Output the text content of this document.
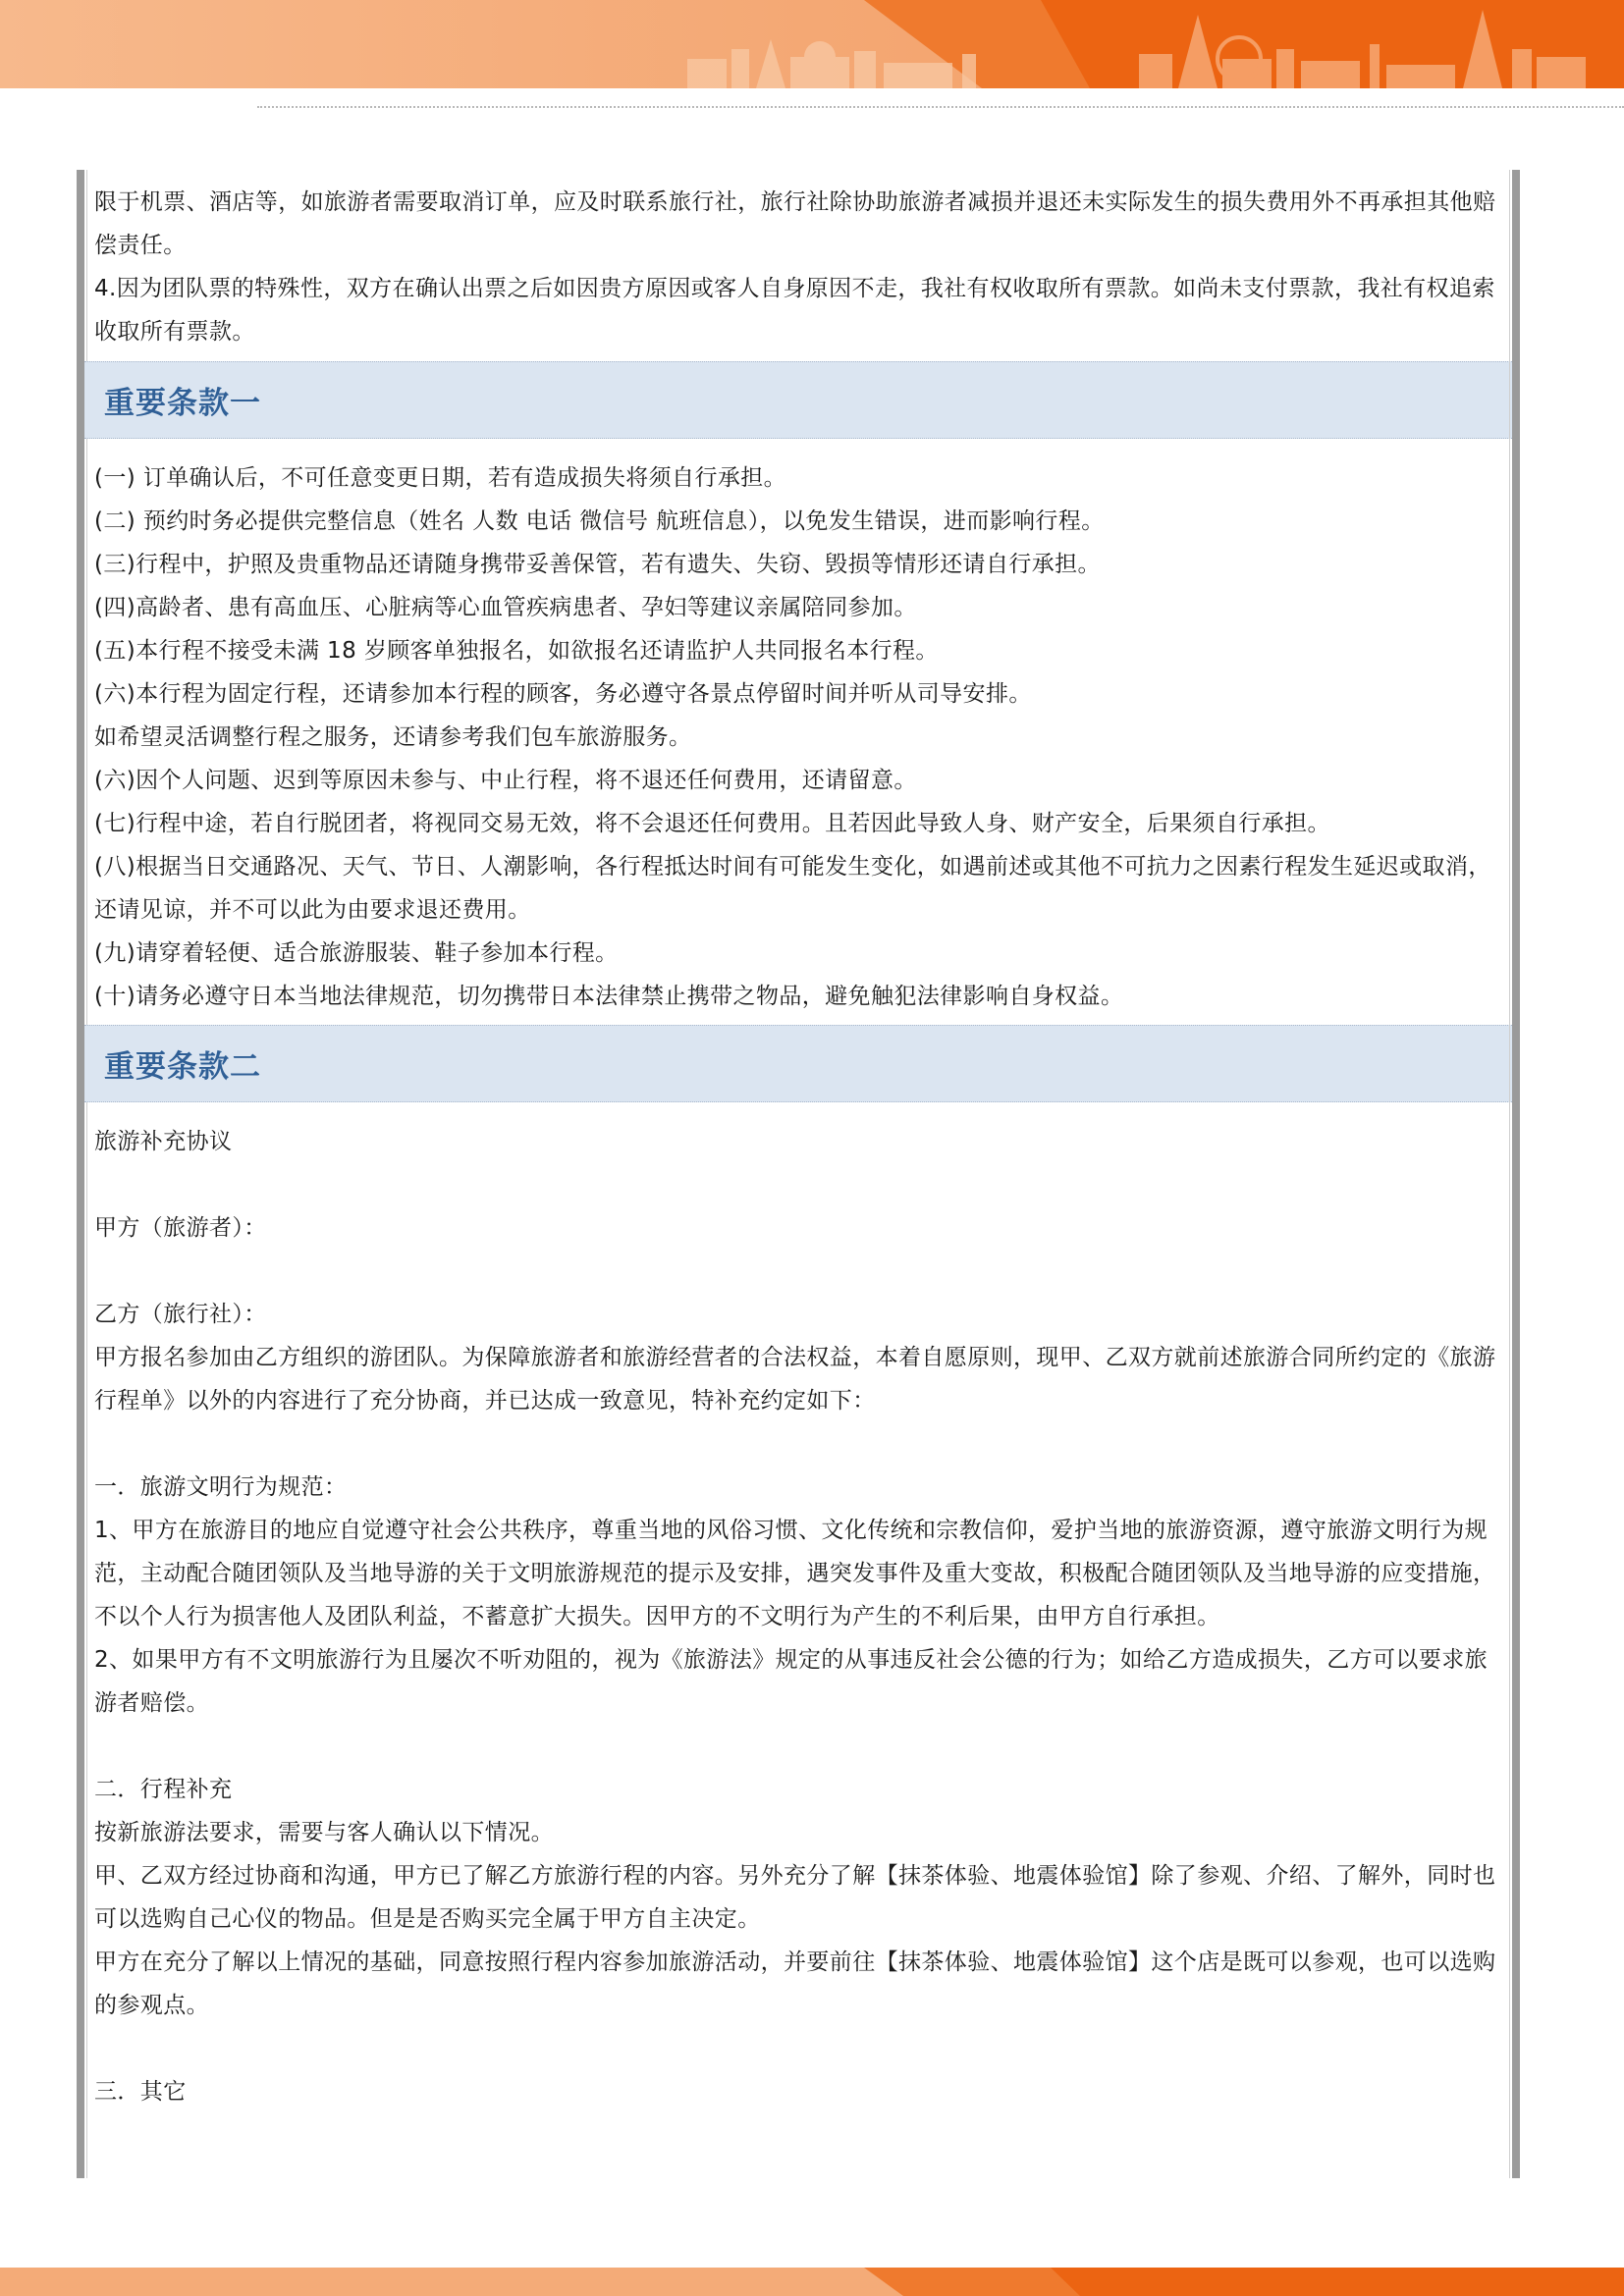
限于机票、酒店等，如旅游者需要取消订单，应及时联系旅行社，旅行社除协助旅游者减损并退还未实际发生的损失费用外不再承担其他赔偿责任。

4.因为团队票的特殊性，双方在确认出票之后如因贵方原因或客人自身原因不走，我社有权收取所有票款。如尚未支付票款，我社有权追索收取所有票款。

重要条款一

(一) 订单确认后，不可任意变更日期，若有造成损失将须自行承担。

(二) 预约时务必提供完整信息（姓名 人数 电话 微信号 航班信息），以免发生错误，进而影响行程。

(三)行程中，护照及贵重物品还请随身携带妥善保管，若有遗失、失窃、毁损等情形还请自行承担。

(四)高龄者、患有高血压、心脏病等心血管疾病患者、孕妇等建议亲属陪同参加。

(五)本行程不接受未满 18 岁顾客单独报名，如欲报名还请监护人共同报名本行程。

(六)本行程为固定行程，还请参加本行程的顾客，务必遵守各景点停留时间并听从司导安排。

如希望灵活调整行程之服务，还请参考我们包车旅游服务。

(六)因个人问题、迟到等原因未参与、中止行程，将不退还任何费用，还请留意。

(七)行程中途，若自行脱团者，将视同交易无效，将不会退还任何费用。且若因此导致人身、财产安全，后果须自行承担。

(八)根据当日交通路况、天气、节日、人潮影响，各行程抵达时间有可能发生变化，如遇前述或其他不可抗力之因素行程发生延迟或取消，还请见谅，并不可以此为由要求退还费用。

(九)请穿着轻便、适合旅游服装、鞋子参加本行程。

(十)请务必遵守日本当地法律规范，切勿携带日本法律禁止携带之物品，避免触犯法律影响自身权益。

重要条款二

旅游补充协议

甲方（旅游者）：

乙方（旅行社）：

甲方报名参加由乙方组织的游团队。为保障旅游者和旅游经营者的合法权益，本着自愿原则，现甲、乙双方就前述旅游合同所约定的《旅游行程单》以外的内容进行了充分协商，并已达成一致意见，特补充约定如下：

一．旅游文明行为规范：

1、甲方在旅游目的地应自觉遵守社会公共秩序，尊重当地的风俗习惯、文化传统和宗教信仰，爱护当地的旅游资源，遵守旅游文明行为规范，主动配合随团领队及当地导游的关于文明旅游规范的提示及安排，遇突发事件及重大变故，积极配合随团领队及当地导游的应变措施，不以个人行为损害他人及团队利益，不蓄意扩大损失。因甲方的不文明行为产生的不利后果，由甲方自行承担。

2、如果甲方有不文明旅游行为且屡次不听劝阻的，视为《旅游法》规定的从事违反社会公德的行为；如给乙方造成损失，乙方可以要求旅游者赔偿。

二．行程补充

按新旅游法要求，需要与客人确认以下情况。

甲、乙双方经过协商和沟通，甲方已了解乙方旅游行程的内容。另外充分了解【抹茶体验、地震体验馆】除了参观、介绍、了解外，同时也可以选购自己心仪的物品。但是是否购买完全属于甲方自主决定。

甲方在充分了解以上情况的基础，同意按照行程内容参加旅游活动，并要前往【抹茶体验、地震体验馆】这个店是既可以参观，也可以选购的参观点。

三．其它
